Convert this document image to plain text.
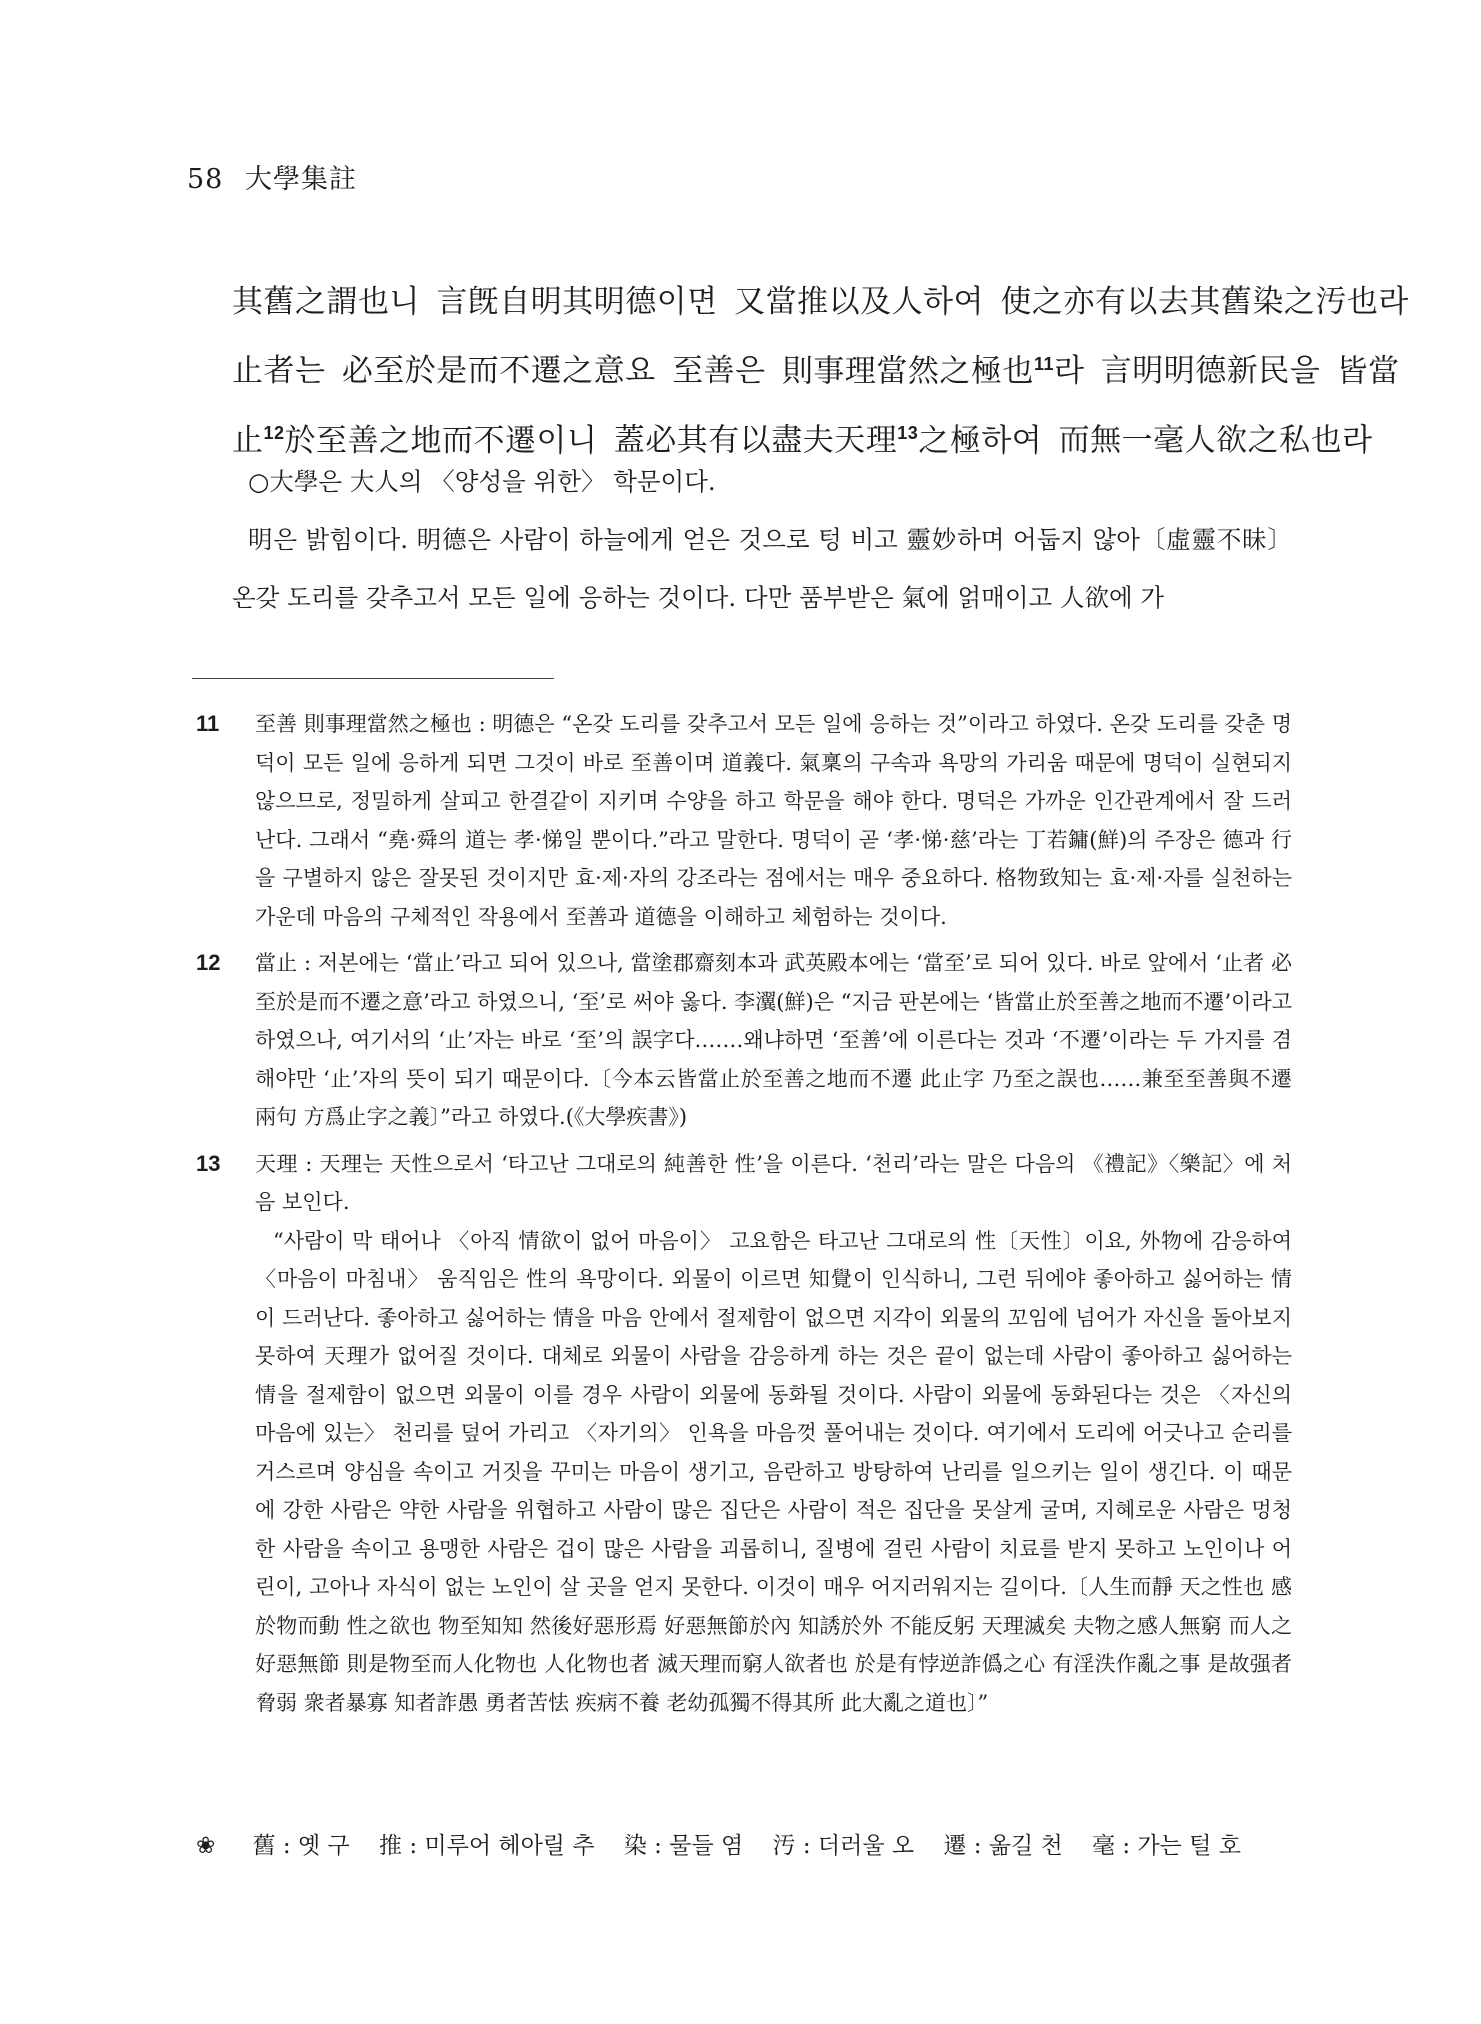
58 大學集註
其舊之謂也니 言旣自明其明德이면 又當推以及人하여 使之亦有以去其舊染之汚也라
止者는 必至於是而不遷之意요 至善은 則事理當然之極也$^{11}$라 言明明德新民을 皆當
止$^{12}$於至善之地而不遷이니 蓋必其有以盡夫天理$^{13}$之極하여 而無一毫人欲之私也라

○大學은 大人의 〈양성을 위한〉 학문이다.

明은 밝힘이다. 明德은 사람이 하늘에게 얻은 것으로 텅 비고 靈妙하며 어둡지 않아〔虛靈不昧〕 온갖 도리를 갖추고서 모든 일에 응하는 것이다. 다만 품부받은 氣에 얽매이고 人欲에 가

11 至善 則事理當然之極也 : 明德은 “온갖 도리를 갖추고서 모든 일에 응하는 것”이라고 하였다. 온갖 도리를 갖춘 명덕이 모든 일에 응하게 되면 그것이 바로 至善이며 道義다. 氣稟의 구속과 욕망의 가리움 때문에 명덕이 실현되지 않으므로, 정밀하게 살피고 한결같이 지키며 수양을 하고 학문을 해야 한다. 명덕은 가까운 인간관계에서 잘 드러난다. 그래서 “堯·舜의 道는 孝·悌일 뿐이다.”라고 말한다. 명덕이 곧 ‘孝·悌·慈’라는 丁若鏞(鮮)의 주장은 德과 行을 구별하지 않은 잘못된 것이지만 효·제·자의 강조라는 점에서는 매우 중요하다. 格物致知는 효·제·자를 실천하는 가운데 마음의 구체적인 작용에서 至善과 道德을 이해하고 체험하는 것이다.

12 當止 : 저본에는 ‘當止’라고 되어 있으나, 當塗郡齋刻本과 武英殿本에는 ‘當至’로 되어 있다. 바로 앞에서 ‘止者 必至於是而不遷之意’라고 하였으니, ‘至’로 써야 옳다. 李瀷(鮮)은 “지금 판본에는 ‘皆當止於至善之地而不遷’이라고 하였으나, 여기서의 ‘止’자는 바로 ‘至’의 誤字다.……왜냐하면 ‘至善’에 이른다는 것과 ‘不遷’이라는 두 가지를 겸해야만 ‘止’자의 뜻이 되기 때문이다.〔今本云皆當止於至善之地而不遷 此止字 乃至之誤也……兼至至善與不遷兩句 方爲止字之義〕”라고 하였다.(《大學疾書》)

13 天理 : 天理는 天性으로서 ‘타고난 그대로의 純善한 性’을 이른다. ‘천리’라는 말은 다음의 《禮記》〈樂記〉에 처음 보인다.

“사람이 막 태어나 〈아직 情欲이 없어 마음이〉 고요함은 타고난 그대로의 性〔天性〕이요, 外物에 감응하여 〈마음이 마침내〉 움직임은 性의 욕망이다. 외물이 이르면 知覺이 인식하니, 그런 뒤에야 좋아하고 싫어하는 情이 드러난다. 좋아하고 싫어하는 情을 마음 안에서 절제함이 없으면 지각이 외물의 꼬임에 넘어가 자신을 돌아보지 못하여 天理가 없어질 것이다. 대체로 외물이 사람을 감응하게 하는 것은 끝이 없는데 사람이 좋아하고 싫어하는 情을 절제함이 없으면 외물이 이를 경우 사람이 외물에 동화될 것이다. 사람이 외물에 동화된다는 것은 〈자신의 마음에 있는〉 천리를 덮어 가리고 〈자기의〉 인욕을 마음껏 풀어내는 것이다. 여기에서 도리에 어긋나고 순리를 거스르며 양심을 속이고 거짓을 꾸미는 마음이 생기고, 음란하고 방탕하여 난리를 일으키는 일이 생긴다. 이 때문에 강한 사람은 약한 사람을 위협하고 사람이 많은 집단은 사람이 적은 집단을 못살게 굴며, 지혜로운 사람은 멍청한 사람을 속이고 용맹한 사람은 겁이 많은 사람을 괴롭히니, 질병에 걸린 사람이 치료를 받지 못하고 노인이나 어린이, 고아나 자식이 없는 노인이 살 곳을 얻지 못한다. 이것이 매우 어지러워지는 길이다.〔人生而靜 天之性也 感於物而動 性之欲也 物至知知 然後好惡形焉 好惡無節於內 知誘於外 不能反躬 天理滅矣 夫物之感人無窮 而人之好惡無節 則是物至而人化物也 人化物也者 滅天理而窮人欲者也 於是有悖逆詐僞之心 有淫泆作亂之事 是故强者脅弱 衆者暴寡 知者詐愚 勇者苦怯 疾病不養 老幼孤獨不得其所 此大亂之道也〕”

❀ 舊 : 옛 구 推 : 미루어 헤아릴 추 染 : 물들 염 汚 : 더러울 오 遷 : 옮길 천 毫 : 가는 털 호
